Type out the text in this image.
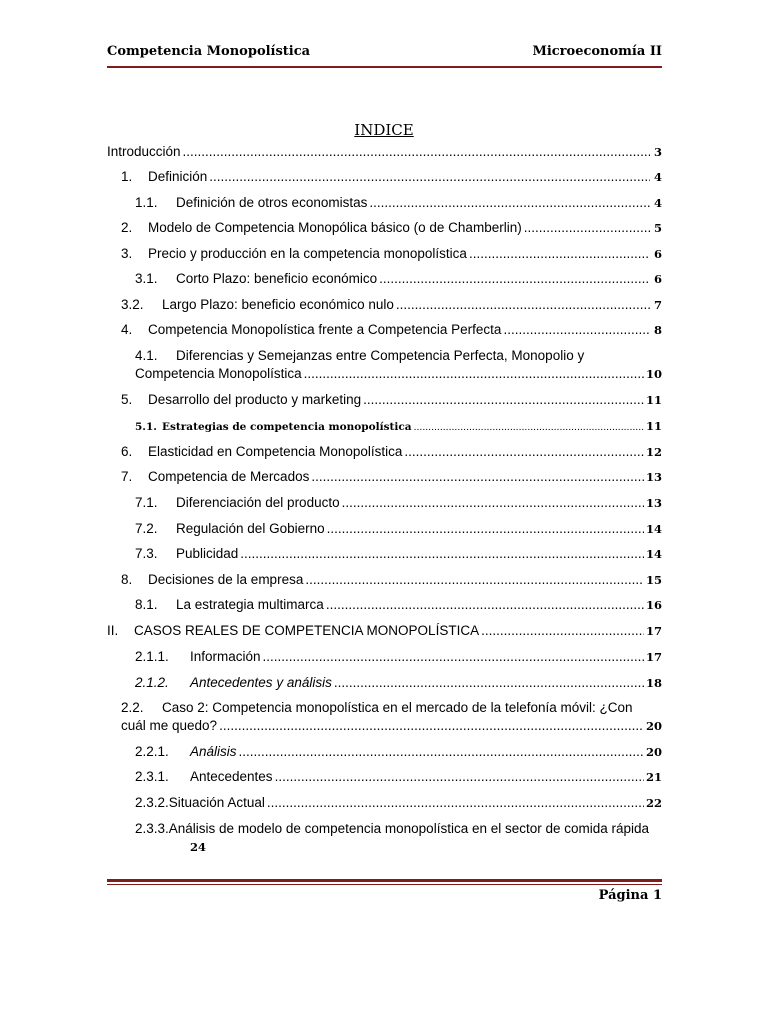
Competencia Monopolística	Microeconomía II
INDICE
Introducción .....	3
1.	Definición .....	4
1.1.	Definición de otros economistas .....	4
2.	Modelo de Competencia Monopólica básico (o de Chamberlin) .....	5
3.	Precio y producción en la competencia monopolística .....	6
3.1.	Corto Plazo: beneficio económico .....	6
3.2.	Largo Plazo: beneficio económico nulo .....	7
4.	Competencia Monopolística frente a Competencia Perfecta .....	8
4.1.	Diferencias y Semejanzas entre Competencia Perfecta, Monopolio y
Competencia Monopolística .....	10
5.	Desarrollo del producto y marketing .....	11
5.1. Estrategias de competencia monopolística .....	11
6.	Elasticidad en Competencia Monopolística .....	12
7.	Competencia de Mercados .....	13
7.1.	Diferenciación del producto .....	13
7.2.	Regulación del Gobierno .....	14
7.3.	Publicidad .....	14
8.	Decisiones de la empresa .....	15
8.1.	La estrategia multimarca .....	16
II.	CASOS REALES DE COMPETENCIA MONOPOLÍSTICA .....	17
2.1.1.	Información .....	17
2.1.2.	Antecedentes y análisis .....	18
2.2.	Caso 2: Competencia monopolística en el mercado de la telefonía móvil: ¿Con
cuál me quedo? .....	20
2.2.1.	Análisis .....	20
2.3.1.	Antecedentes .....	21
2.3.2. Situación Actual .....	22
2.3.3. Análisis de modelo de competencia monopolística en el sector de comida rápida
24
Página 1
